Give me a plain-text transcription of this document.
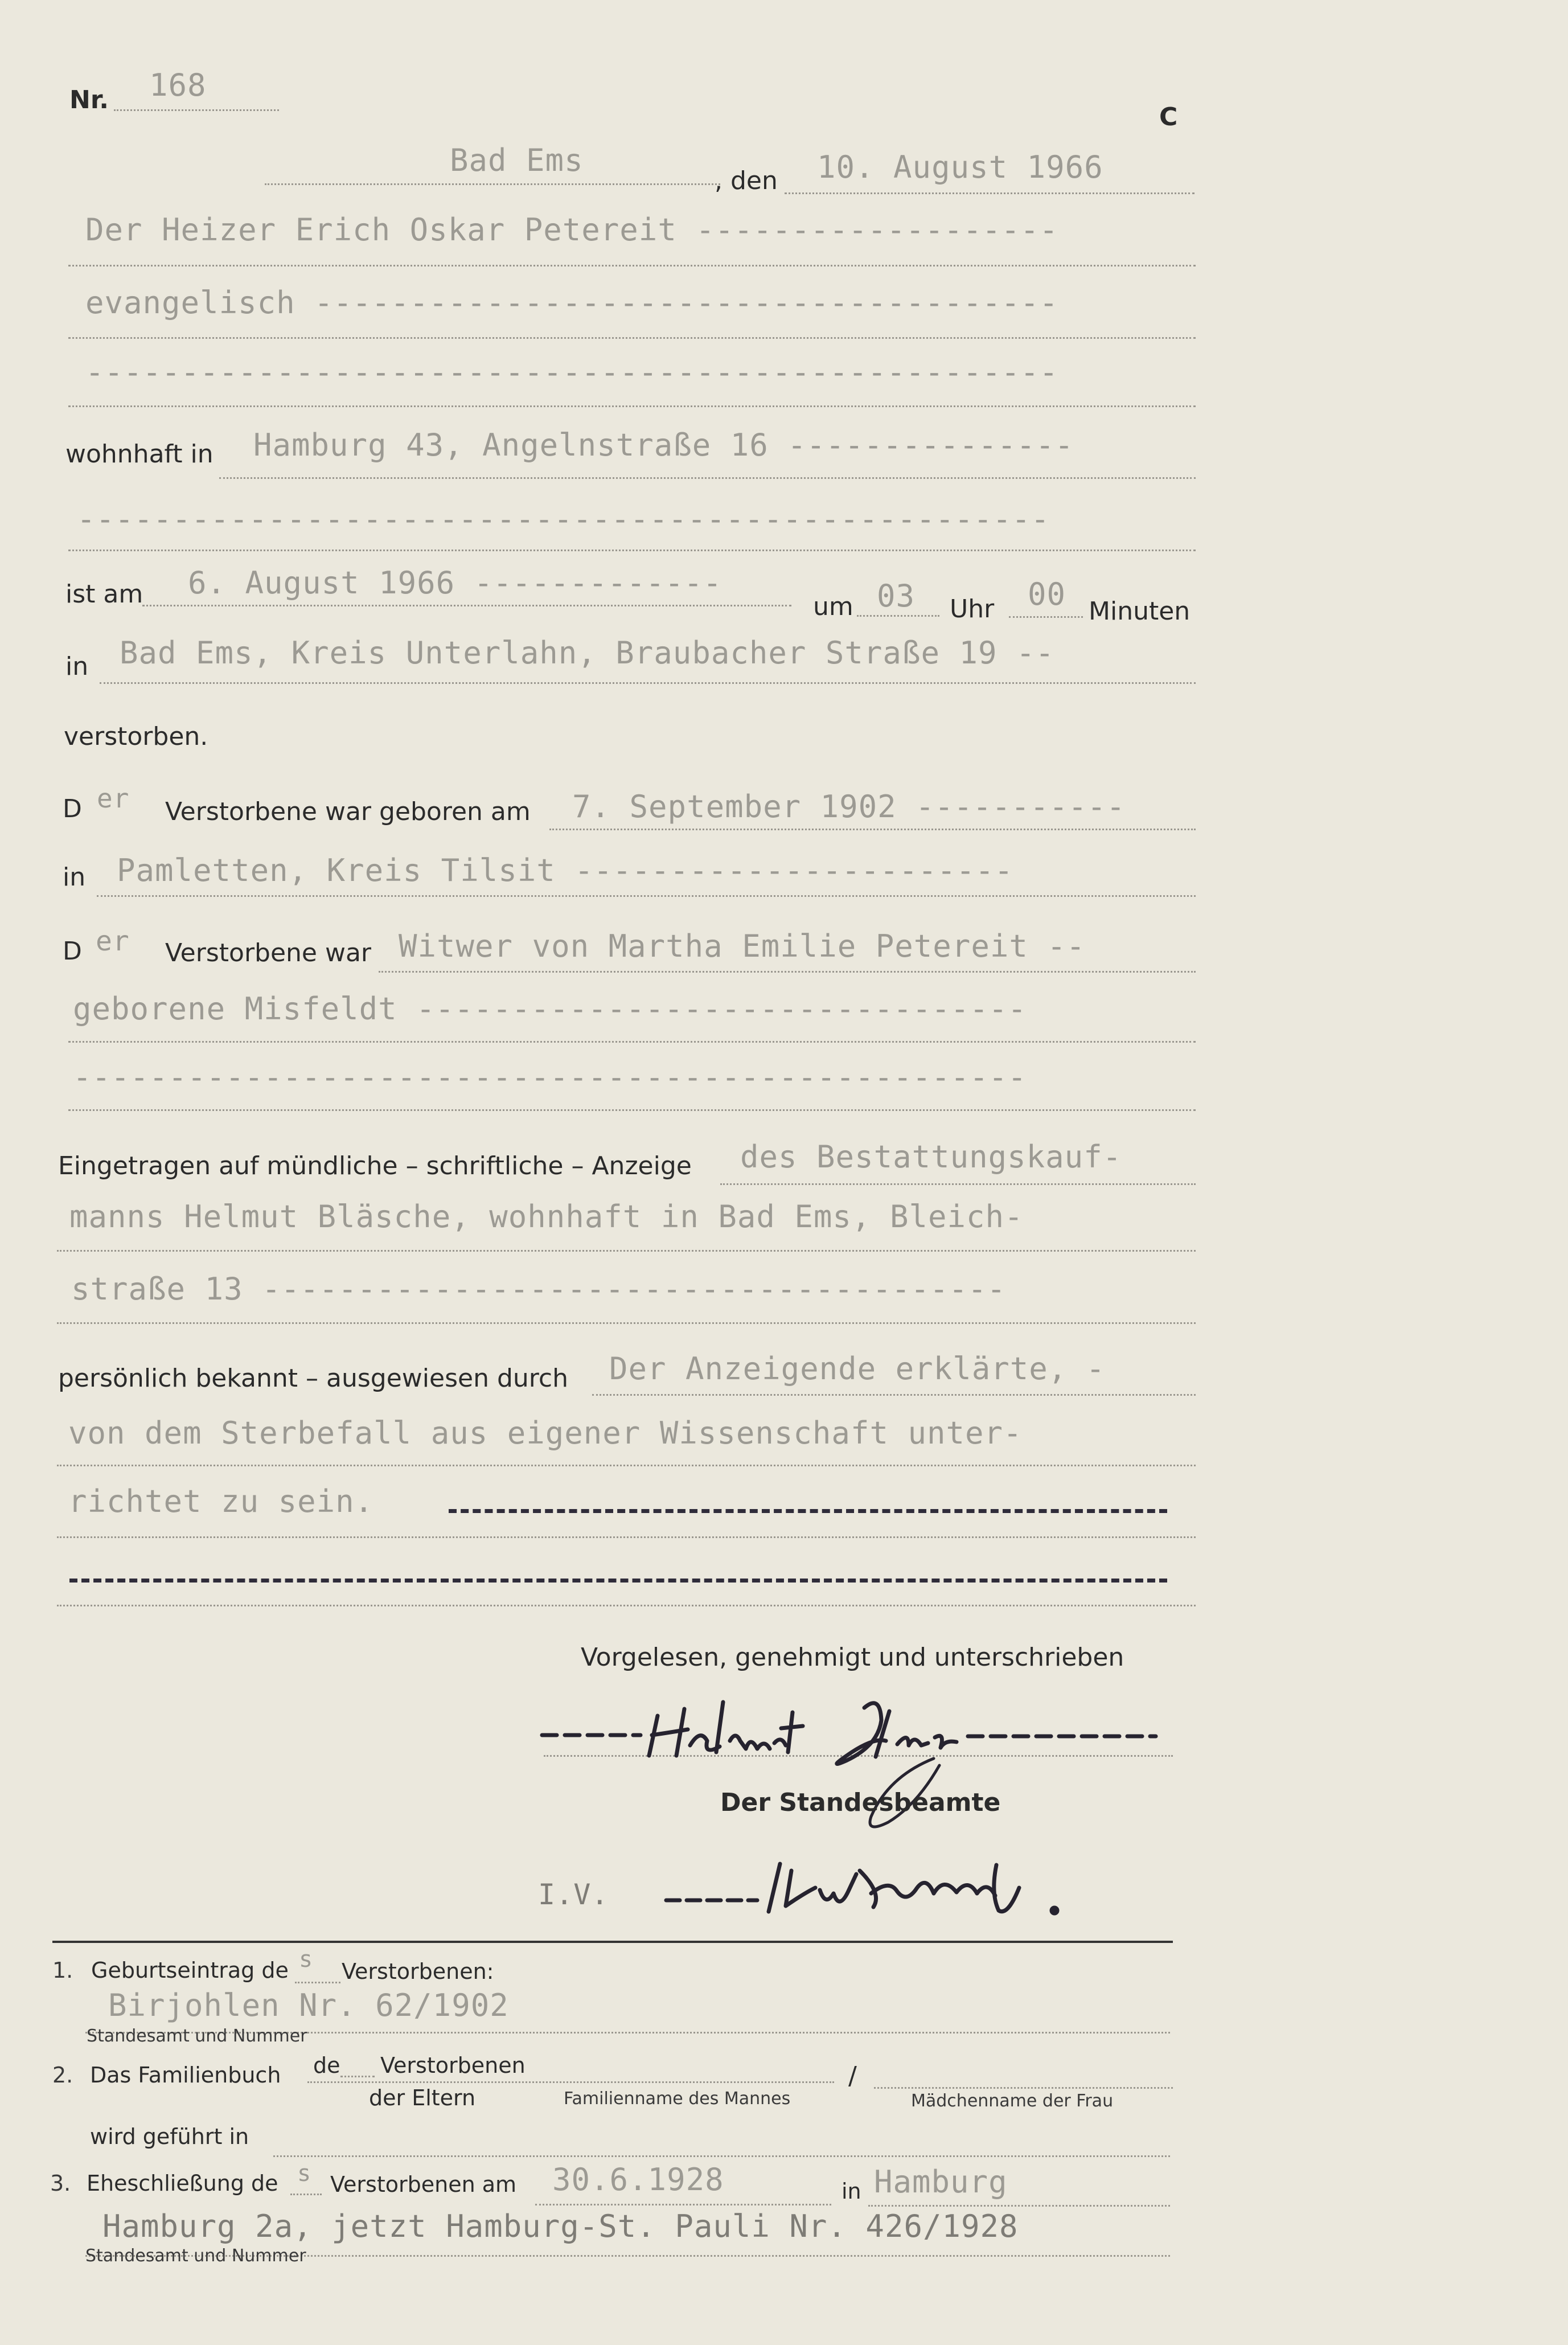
Nr. 168
C
Bad Ems
, den 10. August 1966
Der Heizer Erich Oskar Petereit -------------------
evangelisch ---------------------------------------
---------------------------------------------------
wohnhaft in Hamburg 43, Angelnstraße 16 ---------------
---------------------------------------------------
ist am 6. August 1966 -------------
um 03 Uhr 00 Minuten
in Bad Ems, Kreis Unterlahn, Braubacher Straße 19 --
verstorben.
D er Verstorbene war geboren am 7. September 1902 -----------
in Pamletten, Kreis Tilsit -----------------------
D er Verstorbene war Witwer von Martha Emilie Petereit --
geborene Misfeldt --------------------------------
--------------------------------------------------
Eingetragen auf mündliche – schriftliche – Anzeige des Bestattungskauf-
manns Helmut Bläsche, wohnhaft in Bad Ems, Bleich-
straße 13 ---------------------------------------
persönlich bekannt – ausgewiesen durch Der Anzeigende erklärte, -
von dem Sterbefall aus eigener Wissenschaft unter-
richtet zu sein.
Vorgelesen, genehmigt und unterschrieben
Der Standesbeamte
I.V.
1. Geburtseintrag de s Verstorbenen:
Birjohlen Nr. 62/1902
Standesamt und Nummer
2. Das Familienbuch de Verstorbenen
der Eltern	Familienname des Mannes
/
Mädchenname der Frau
wird geführt in
3. Eheschließung de s Verstorbenen am 30.6.1928	in Hamburg
Hamburg 2a, jetzt Hamburg-St. Pauli Nr. 426/1928
Standesamt und Nummer
